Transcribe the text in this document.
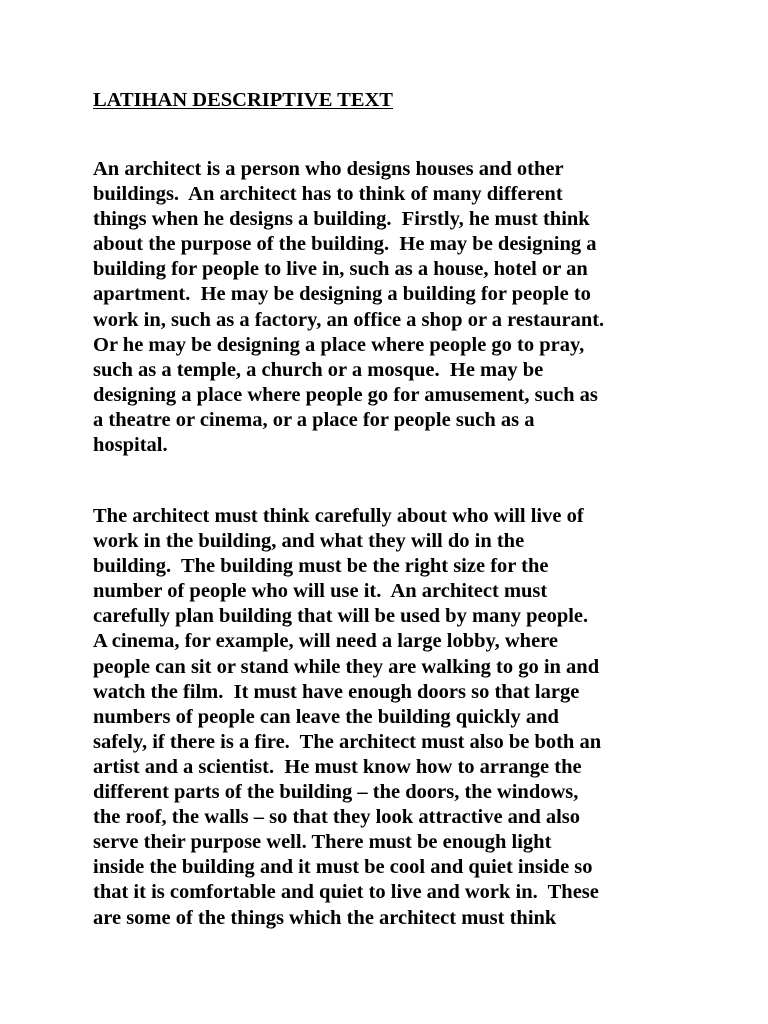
LATIHAN DESCRIPTIVE TEXT

An architect is a person who designs houses and other
buildings.  An architect has to think of many different
things when he designs a building.  Firstly, he must think
about the purpose of the building.  He may be designing a
building for people to live in, such as a house, hotel or an
apartment.  He may be designing a building for people to
work in, such as a factory, an office a shop or a restaurant.
Or he may be designing a place where people go to pray,
such as a temple, a church or a mosque.  He may be
designing a place where people go for amusement, such as
a theatre or cinema, or a place for people such as a
hospital.

The architect must think carefully about who will live of
work in the building, and what they will do in the
building.  The building must be the right size for the
number of people who will use it.  An architect must
carefully plan building that will be used by many people.
A cinema, for example, will need a large lobby, where
people can sit or stand while they are walking to go in and
watch the film.  It must have enough doors so that large
numbers of people can leave the building quickly and
safely, if there is a fire.  The architect must also be both an
artist and a scientist.  He must know how to arrange the
different parts of the building – the doors, the windows,
the roof, the walls – so that they look attractive and also
serve their purpose well. There must be enough light
inside the building and it must be cool and quiet inside so
that it is comfortable and quiet to live and work in.  These
are some of the things which the architect must think
